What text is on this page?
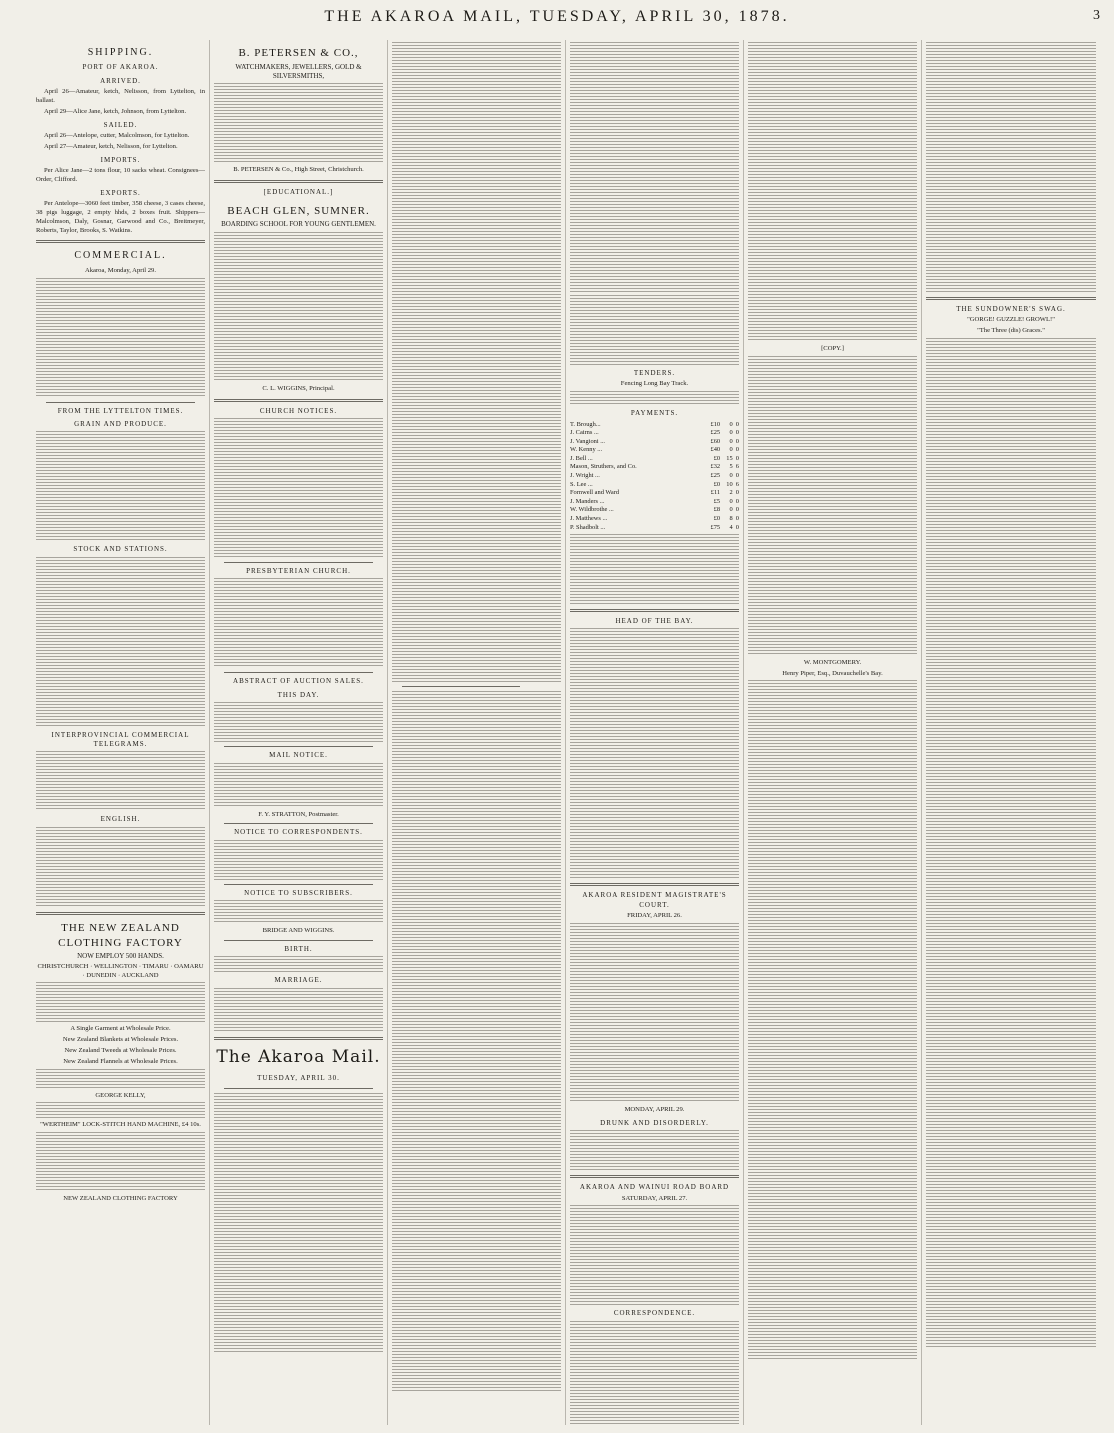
THE AKAROA MAIL, TUESDAY, APRIL 30, 1878.	3
SHIPPING.
PORT OF AKAROA.
ARRIVED.

April 26—Amateur, ketch, Nelisson, from Lyttelton, in ballast.

April 29—Alice Jane, ketch, Johnson, from Lyttelton.

SAILED.

April 26—Antelope, cutter, Malcolmson, for Lyttelton.

April 27—Amateur, ketch, Nelisson, for Lyttelton.

IMPORTS.

Per Alice Jane—2 tons flour, 10 sacks wheat. Consignees—Order, Clifford.

EXPORTS.

Per Antelope—3060 feet timber, 358 cheese, 3 cases cheese, 38 pigs luggage, 2 empty hhds, 2 boxes fruit. Shippers—Malcolmson, Daly, Gosnar, Garwood and Co., Breitmeyer, Roberts, Taylor, Brooks, S. Watkins.

COMMERCIAL.

Akaroa, Monday, April 29.

FROM THE LYTTELTON TIMES.
GRAIN AND PRODUCE.
STOCK AND STATIONS.
INTERPROVINCIAL COMMERCIAL TELEGRAMS.
ENGLISH.
THE NEW ZEALAND CLOTHING FACTORY
NOW EMPLOY 500 HANDS.

CHRISTCHURCH · WELLINGTON · TIMARU · OAMARU · DUNEDIN · AUCKLAND

A Single Garment at Wholesale Price.

New Zealand Blankets at Wholesale Prices.

New Zealand Tweeds at Wholesale Prices.

New Zealand Flannels at Wholesale Prices.

GEORGE KELLY,

"WERTHEIM" LOCK-STITCH HAND MACHINE, £4 10s.

NEW ZEALAND CLOTHING FACTORY

B. PETERSEN & CO.,
WATCHMAKERS, JEWELLERS, GOLD & SILVERSMITHS,

B. PETERSEN & Co., High Street, Christchurch.

[EDUCATIONAL.]
BEACH GLEN, SUMNER.
BOARDING SCHOOL FOR YOUNG GENTLEMEN.

C. L. WIGGINS, Principal.

CHURCH NOTICES.
PRESBYTERIAN CHURCH.
ABSTRACT OF AUCTION SALES.
THIS DAY.
MAIL NOTICE.

F. Y. STRATTON, Postmaster.

NOTICE TO CORRESPONDENTS.
NOTICE TO SUBSCRIBERS.

BRIDGE AND WIGGINS.

BIRTH.
MARRIAGE.
The Akaroa Mail.
TUESDAY, APRIL 30.
TENDERS.

Fencing Long Bay Track.

PAYMENTS.
T. Brough...	£10	0	0
J. Cairns ...	£25	0	0
J. Vangioni ...	£60	0	0
W. Kenny ...	£40	0	0
J. Bell ...	£0	15	0
Mason, Struthers, and Co.	£32	5	6
J. Wright ...	£25	0	0
S. Lee ...	£0	10	6
Fornwell and Ward	£11	2	0
J. Manders ...	£5	0	0
W. Wildbrothe ...	£8	0	0
J. Matthews ...	£0	8	0
P. Shadbolt ...	£75	4	0
HEAD OF THE BAY.
AKAROA RESIDENT MAGISTRATE'S COURT.

FRIDAY, APRIL 26.

MONDAY, APRIL 29.

DRUNK AND DISORDERLY.
AKAROA AND WAINUI ROAD BOARD

SATURDAY, APRIL 27.

CORRESPONDENCE.

[COPY.]

W. MONTGOMERY.

Henry Piper, Esq., Duvauchelle's Bay.

THE SUNDOWNER'S SWAG.

"GORGE! GUZZLE! GROWL!"

"The Three (dis) Graces."
